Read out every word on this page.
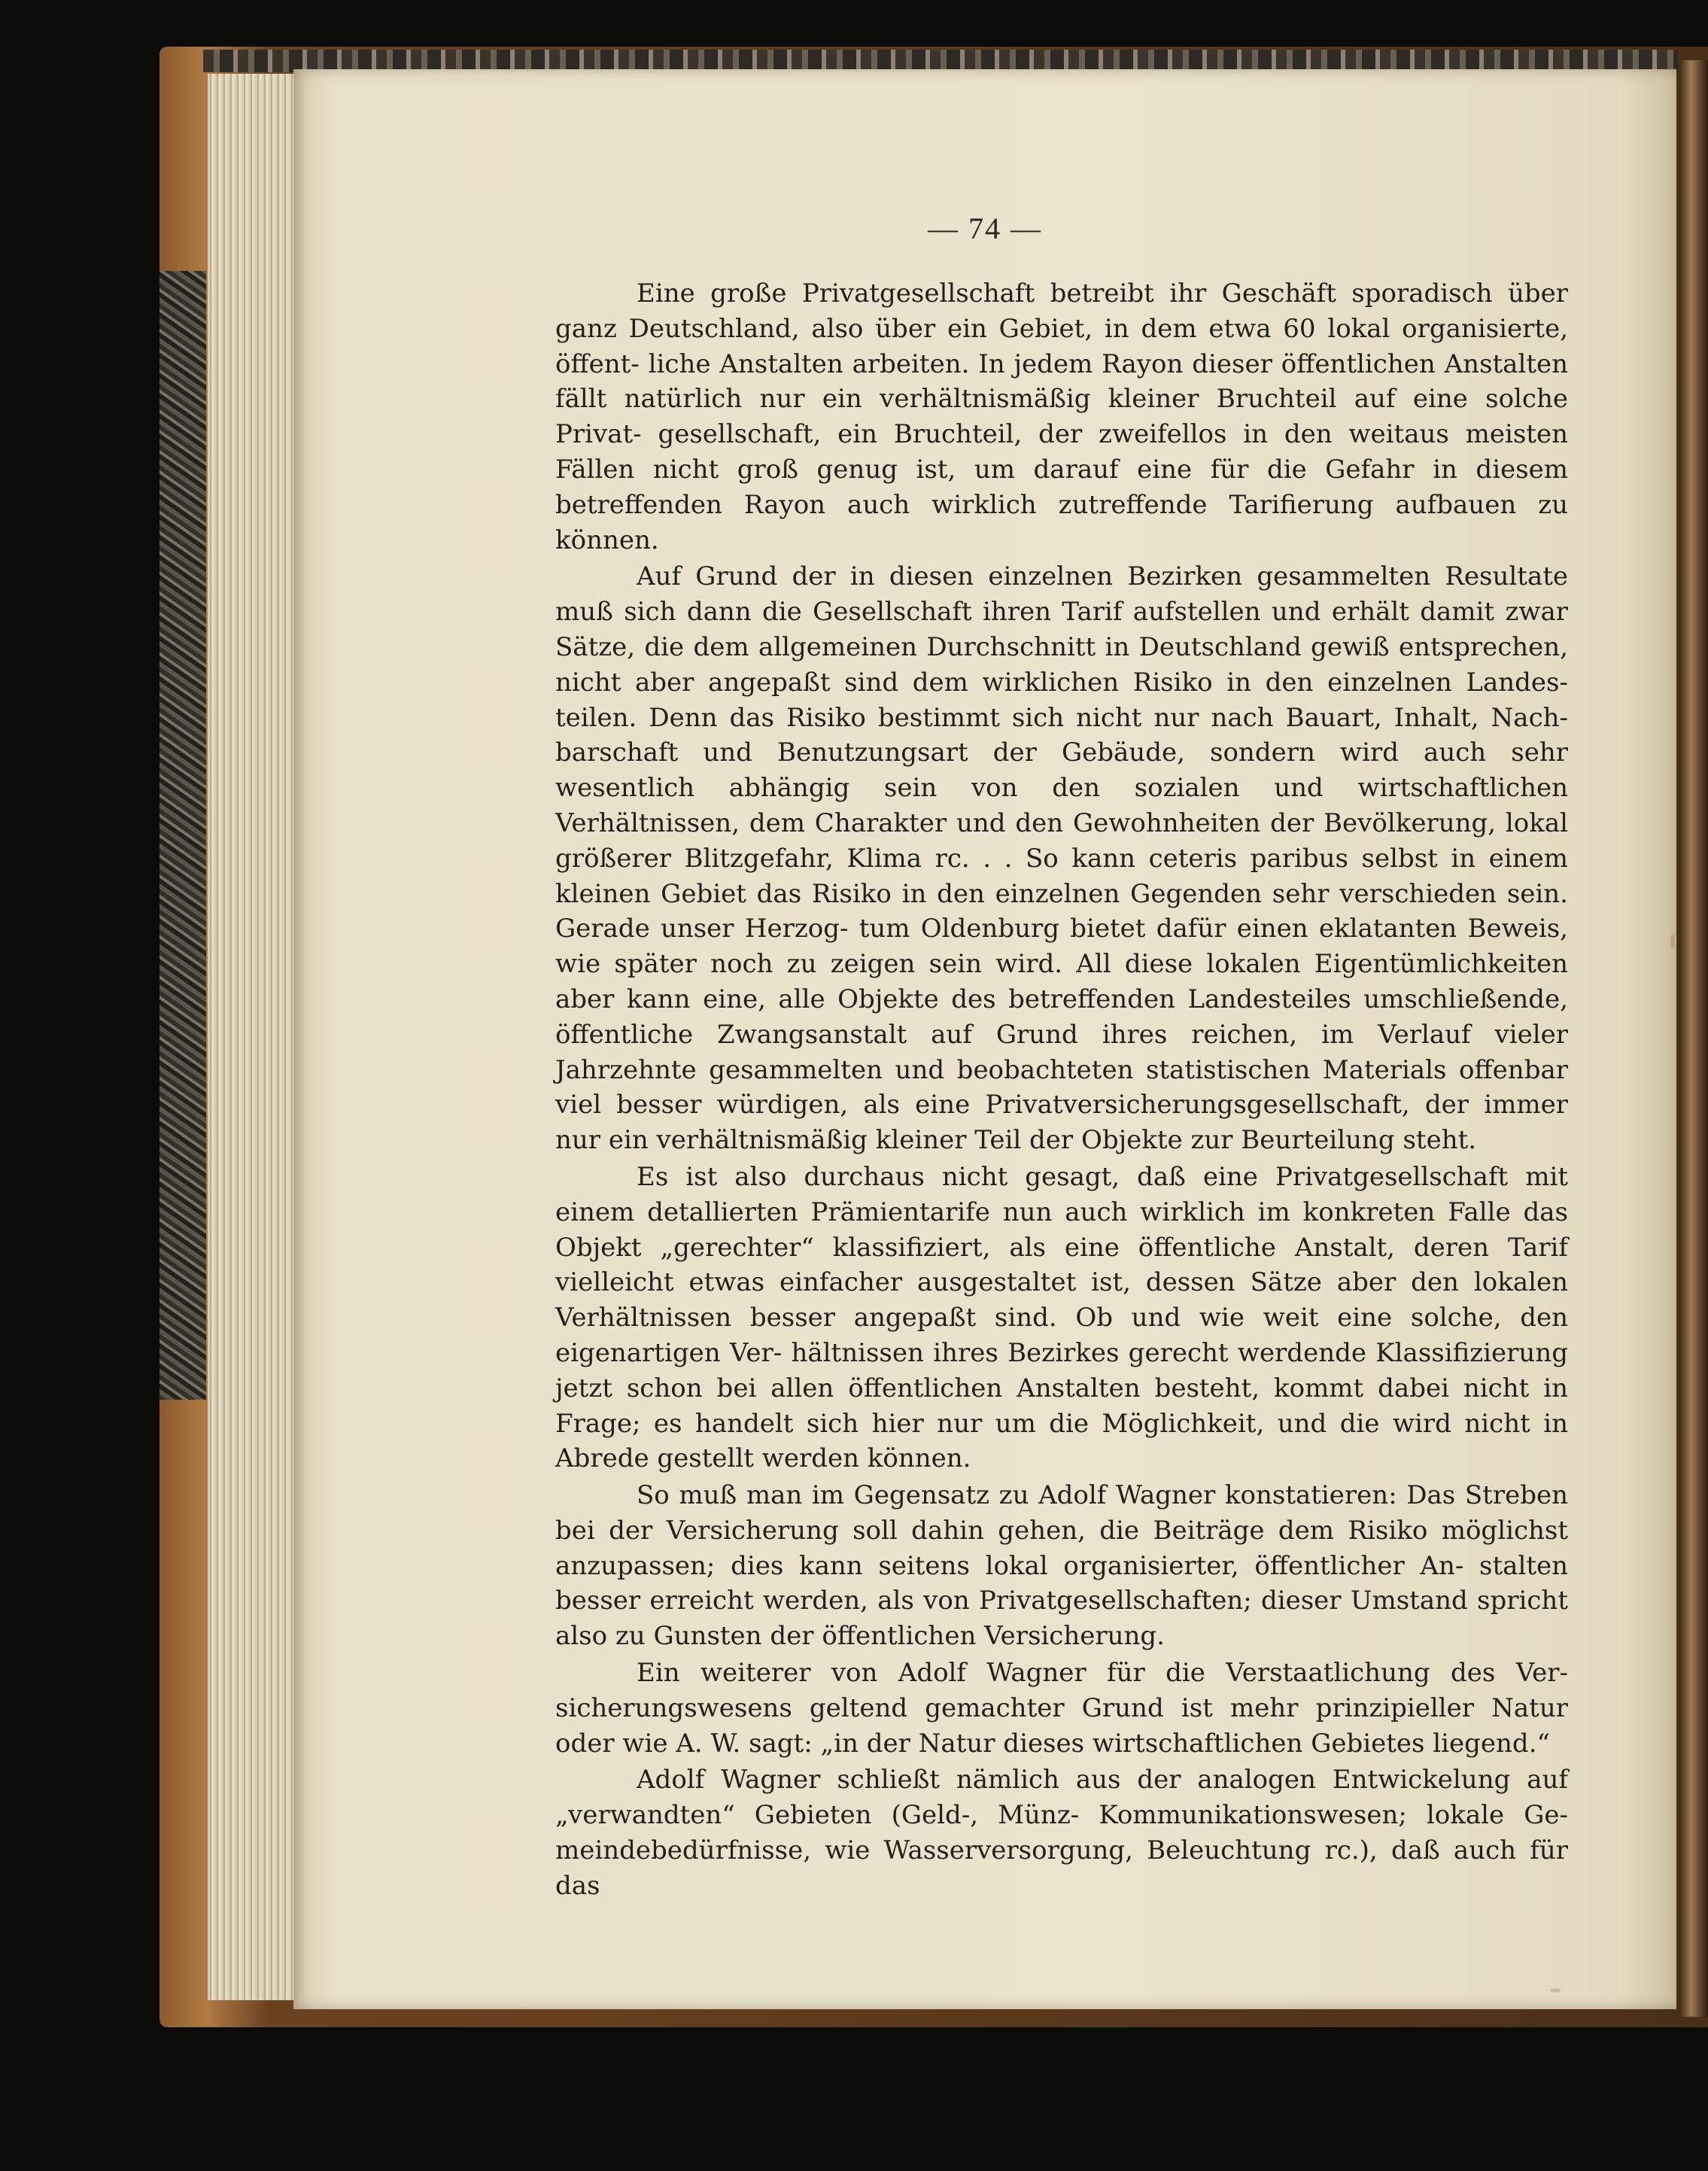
— 74 —

Eine große Privatgesellschaft betreibt ihr Geschäft sporadisch über ganz Deutschland, also über ein Gebiet, in dem etwa 60 lokal organisierte, öffent- liche Anstalten arbeiten. In jedem Rayon dieser öffentlichen Anstalten fällt natürlich nur ein verhältnismäßig kleiner Bruchteil auf eine solche Privat- gesellschaft, ein Bruchteil, der zweifellos in den weitaus meisten Fällen nicht groß genug ist, um darauf eine für die Gefahr in diesem betreffenden Rayon auch wirklich zutreffende Tarifierung aufbauen zu können.

Auf Grund der in diesen einzelnen Bezirken gesammelten Resultate muß sich dann die Gesellschaft ihren Tarif aufstellen und erhält damit zwar Sätze, die dem allgemeinen Durchschnitt in Deutschland gewiß entsprechen, nicht aber angepaßt sind dem wirklichen Risiko in den einzelnen Landes- teilen. Denn das Risiko bestimmt sich nicht nur nach Bauart, Inhalt, Nach- barschaft und Benutzungsart der Gebäude, sondern wird auch sehr wesentlich abhängig sein von den sozialen und wirtschaftlichen Verhältnissen, dem Charakter und den Gewohnheiten der Bevölkerung, lokal größerer Blitzgefahr, Klima rc. . . So kann ceteris paribus selbst in einem kleinen Gebiet das Risiko in den einzelnen Gegenden sehr verschieden sein. Gerade unser Herzog- tum Oldenburg bietet dafür einen eklatanten Beweis, wie später noch zu zeigen sein wird. All diese lokalen Eigentümlichkeiten aber kann eine, alle Objekte des betreffenden Landesteiles umschließende, öffentliche Zwangsanstalt auf Grund ihres reichen, im Verlauf vieler Jahrzehnte gesammelten und beobachteten statistischen Materials offenbar viel besser würdigen, als eine Privatversicherungsgesellschaft, der immer nur ein verhältnismäßig kleiner Teil der Objekte zur Beurteilung steht.

Es ist also durchaus nicht gesagt, daß eine Privatgesellschaft mit einem detallierten Prämientarife nun auch wirklich im konkreten Falle das Objekt „gerechter“ klassifiziert, als eine öffentliche Anstalt, deren Tarif vielleicht etwas einfacher ausgestaltet ist, dessen Sätze aber den lokalen Verhältnissen besser angepaßt sind. Ob und wie weit eine solche, den eigenartigen Ver- hältnissen ihres Bezirkes gerecht werdende Klassifizierung jetzt schon bei allen öffentlichen Anstalten besteht, kommt dabei nicht in Frage; es handelt sich hier nur um die Möglichkeit, und die wird nicht in Abrede gestellt werden können.

So muß man im Gegensatz zu Adolf Wagner konstatieren: Das Streben bei der Versicherung soll dahin gehen, die Beiträge dem Risiko möglichst anzupassen; dies kann seitens lokal organisierter, öffentlicher An- stalten besser erreicht werden, als von Privatgesellschaften; dieser Umstand spricht also zu Gunsten der öffentlichen Versicherung.

Ein weiterer von Adolf Wagner für die Verstaatlichung des Ver- sicherungswesens geltend gemachter Grund ist mehr prinzipieller Natur oder wie A. W. sagt: „in der Natur dieses wirtschaftlichen Gebietes liegend.“

Adolf Wagner schließt nämlich aus der analogen Entwickelung auf „verwandten“ Gebieten (Geld-, Münz- Kommunikationswesen; lokale Ge- meindebedürfnisse, wie Wasserversorgung, Beleuchtung rc.), daß auch für das
